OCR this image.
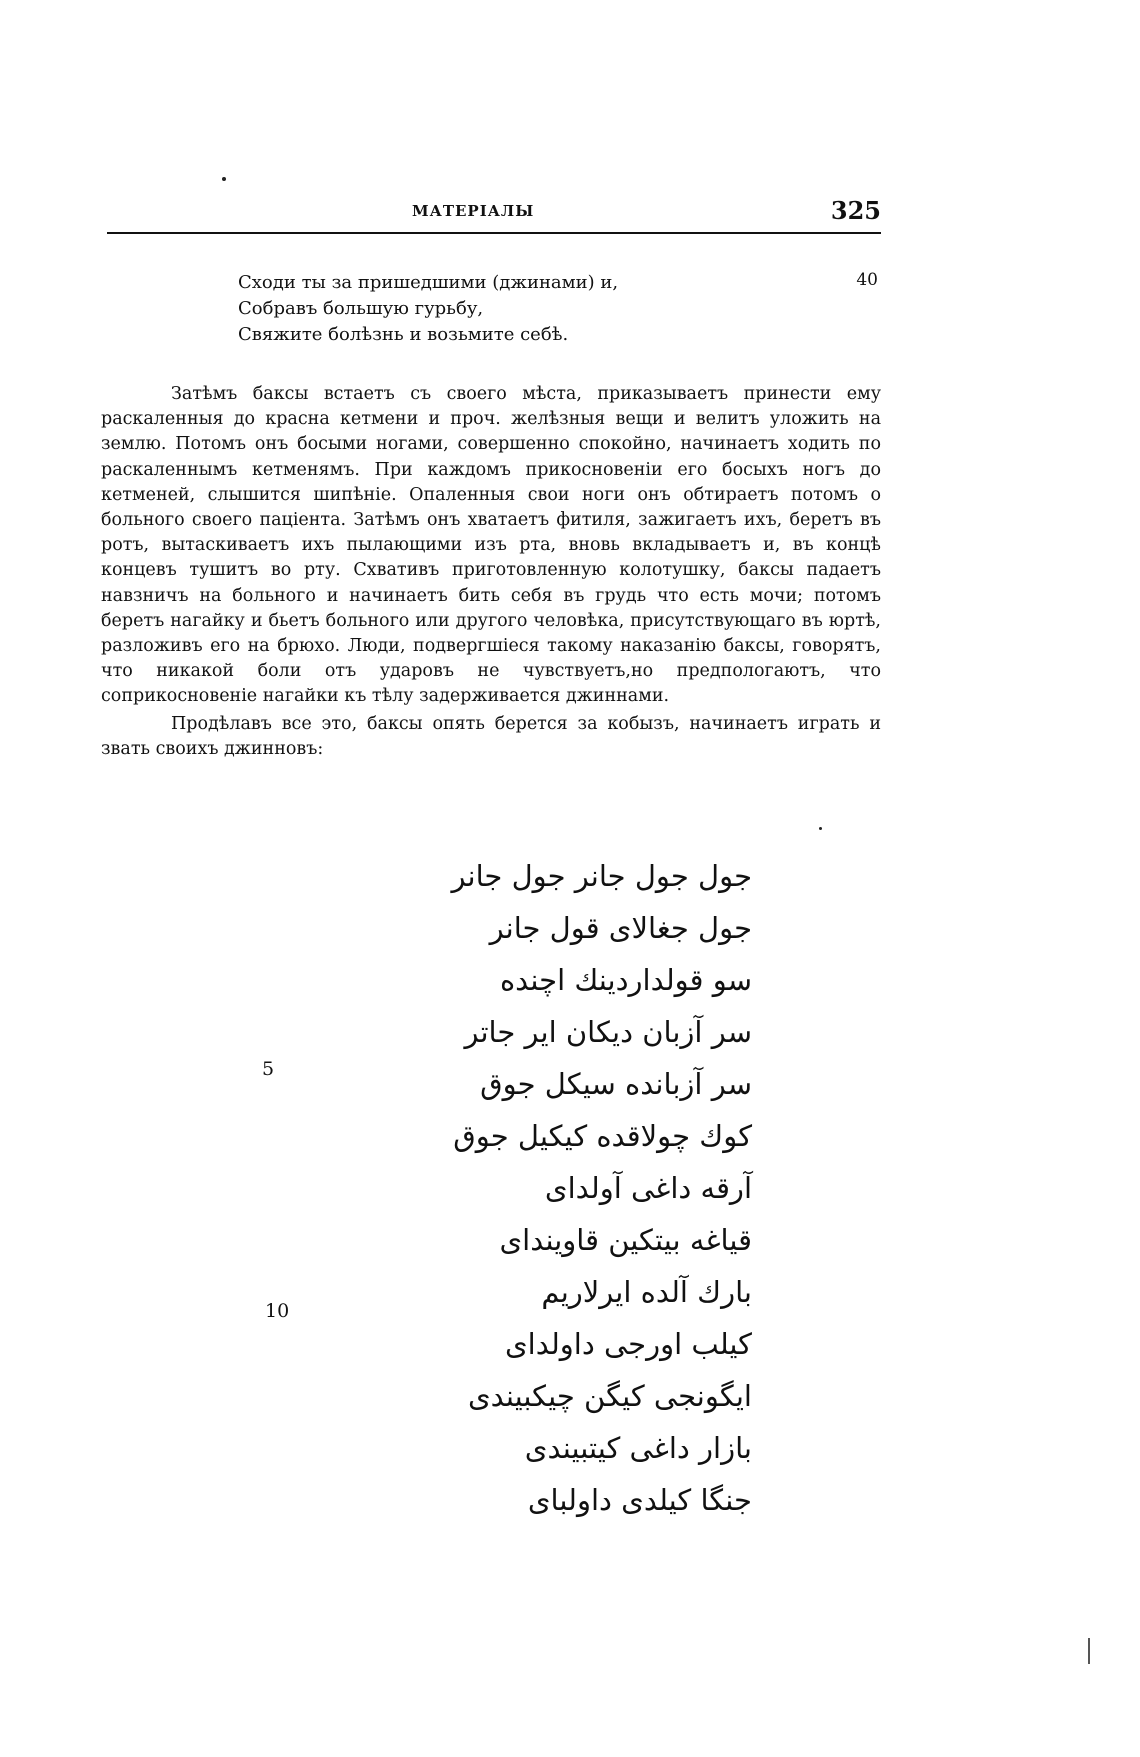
МАТЕРIАЛЫ	325
Сходи ты за пришедшими (джинами) и,
Собравъ большую гурьбу,
Свяжите болѣзнь и возьмите себѣ.
40

Затѣмъ баксы встаетъ съ своего мѣста, приказываетъ принести ему раскаленныя до красна кетмени и проч. желѣзныя вещи и велитъ уложить на землю. Потомъ онъ босыми ногами, совершенно спокойно, начинаетъ ходить по раскаленнымъ кетменямъ. При каждомъ прикосновенiи его босыхъ ногъ до кетменей, слышится шипѣнiе. Опаленныя свои ноги онъ обтираетъ потомъ о больного своего пацiента. Затѣмъ онъ хватаетъ фитиля, зажигаетъ ихъ, беретъ въ ротъ, вытаскиваетъ ихъ пылающими изъ рта, вновь вкладываетъ и, въ концѣ концевъ тушитъ во рту. Схвативъ приготовленную колотушку, баксы падаетъ навзничъ на больного и начинаетъ бить себя въ грудь что есть мочи; потомъ беретъ нагайку и бьетъ больного или другого человѣка, присутствующаго въ юртѣ, разложивъ его на брюхо. Люди, подвергшiеся такому наказанiю баксы, говорятъ, что никакой боли отъ ударовъ не чувствуетъ,но предпологаютъ, что соприкосновенiе нагайки къ тѣлу задерживается джиннами.

Продѣлавъ все это, баксы опять берется за кобызъ, начинаетъ играть и звать своихъ джинновъ:

جول جول جانر جول جانر
جول جغالای قول جانر
سو قولداردینك اچنده
سر آزبان دیکان ایر جاتر
سر آزبانده سیکل جوق
کوك چولاقده کیکیل جوق
آرقه داغی آولدای
قیاغه بیتکین قاویندای
بارك آلده ایرلاریم
کیلب اورجی داولدای
ایگونجی کیگن چیکبیندی
بازار داغی کیتبیندی
جنگا کیلدی داولبای
5
10
